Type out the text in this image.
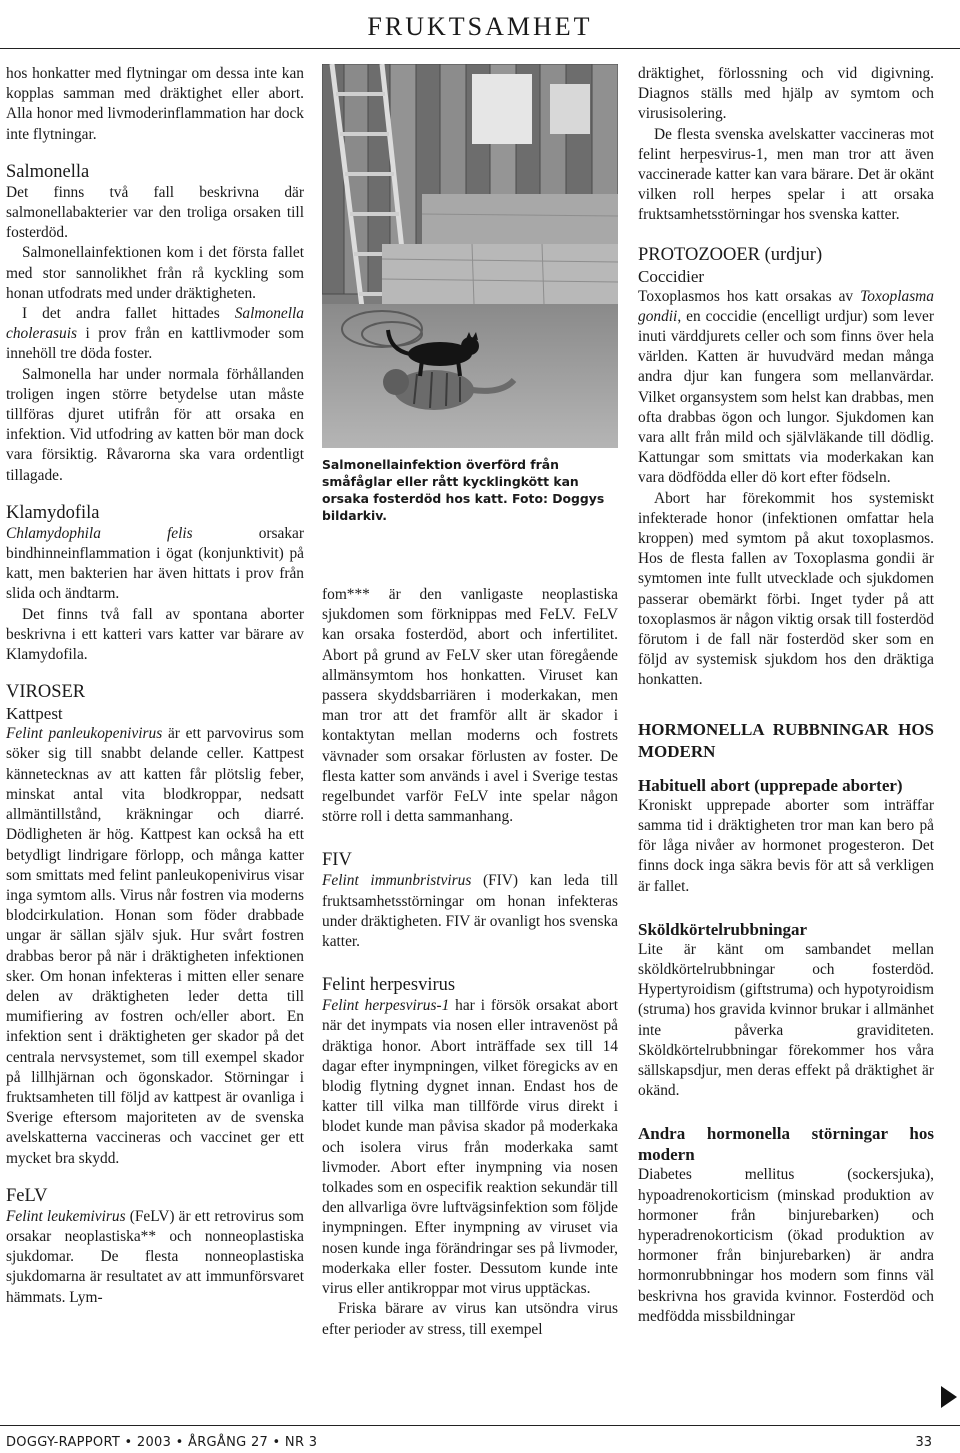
FRUKTSAMHET

hos honkatter med flytningar om dessa inte kan kopplas samman med dräktighet eller abort. Alla honor med livmoderinflammation har dock inte flytningar.

Salmonella

Det finns två fall beskrivna där salmonellabakterier var den troliga orsaken till fosterdöd.

Salmonellainfektionen kom i det första fallet med stor sannolikhet från rå kyckling som honan utfodrats med under dräktigheten.

I det andra fallet hittades Salmonella cholerasuis i prov från en kattlivmoder som innehöll tre döda foster.

Salmonella har under normala förhållanden troligen ingen större betydelse utan måste tillföras djuret utifrån för att orsaka en infektion. Vid utfodring av katten bör man dock vara försiktig. Råvarorna ska vara ordentligt tillagade.

Klamydofila

Chlamydophila felis orsakar bindhinneinflammation i ögat (konjunktivit) på katt, men bakterien har även hittats i prov från slida och ändtarm.

Det finns två fall av spontana aborter beskrivna i ett katteri vars katter var bärare av Klamydofila.

VIROSER
Kattpest

Felint panleukopenivirus är ett parvovirus som söker sig till snabbt delande celler. Kattpest kännetecknas av att katten får plötslig feber, minskat antal vita blodkroppar, nedsatt allmäntillstånd, kräkningar och diarré. Dödligheten är hög. Kattpest kan också ha ett betydligt lindrigare förlopp, och många katter som smittats med felint panleukopenivirus visar inga symtom alls. Virus når fostren via moderns blodcirkulation. Honan som föder drabbade ungar är sällan själv sjuk. Hur svårt fostren drabbas beror på när i dräktigheten infektionen sker. Om honan infekteras i mitten eller senare delen av dräktigheten leder detta till mumifiering av fostren och/eller abort. En infektion sent i dräktigheten ger skador på det centrala nervsystemet, som till exempel skador på lillhjärnan och ögonskador. Störningar i fruktsamheten till följd av kattpest är ovanliga i Sverige eftersom majoriteten av de svenska avelskatterna vaccineras och vaccinet ger ett mycket bra skydd.

FeLV

Felint leukemivirus (FeLV) är ett retrovirus som orsakar neoplastiska** och nonneoplastiska sjukdomar. De flesta nonneoplastiska sjukdomarna är resultatet av att immunförsvaret hämmats. Lym-

Salmonellainfektion överförd från småfåglar eller rått kycklingkött kan orsaka fosterdöd hos katt. Foto: Doggys bildarkiv.

fom*** är den vanligaste neoplastiska sjukdomen som förknippas med FeLV. FeLV kan orsaka fosterdöd, abort och infertilitet. Abort på grund av FeLV sker utan föregående allmänsymtom hos honkatten. Viruset kan passera skyddsbarriären i moderkakan, men man tror att det framför allt är skador i kontaktytan mellan moderns och fostrets vävnader som orsakar förlusten av foster. De flesta katter som används i avel i Sverige testas regelbundet varför FeLV inte spelar någon större roll i detta sammanhang.

FIV

Felint immunbristvirus (FIV) kan leda till fruktsamhetsstörningar om honan infekteras under dräktigheten. FIV är ovanligt hos svenska katter.

Felint herpesvirus

Felint herpesvirus-1 har i försök orsakat abort när det inympats via nosen eller intravenöst på dräktiga honor. Abort inträffade sex till 14 dagar efter inympningen, vilket föregicks av en blodig flytning dygnet innan. Endast hos de katter till vilka man tillförde virus direkt i blodet kunde man påvisa skador på moderkaka och isolera virus från moderkaka samt livmoder. Abort efter inympning via nosen tolkades som en ospecifik reaktion sekundär till den allvarliga övre luftvägsinfektion som följde inympningen. Efter inympning av viruset via nosen kunde inga förändringar ses på livmoder, moderkaka eller foster. Dessutom kunde inte virus eller antikroppar mot virus upptäckas.

Friska bärare av virus kan utsöndra virus efter perioder av stress, till exempel

dräktighet, förlossning och vid digivning. Diagnos ställs med hjälp av symtom och virusisolering.

De flesta svenska avelskatter vaccineras mot felint herpesvirus-1, men man tror att även vaccinerade katter kan vara bärare. Det är okänt vilken roll herpes spelar i att orsaka fruktsamhetsstörningar hos svenska katter.

PROTOZOOER (urdjur)
Coccidier

Toxoplasmos hos katt orsakas av Toxoplasma gondii, en coccidie (encelligt urdjur) som lever inuti värddjurets celler och som finns över hela världen. Katten är huvudvärd medan många andra djur kan fungera som mellanvärdar. Vilket organsystem som helst kan drabbas, men ofta drabbas ögon och lungor. Sjukdomen kan vara allt från mild och självläkande till dödlig. Kattungar som smittats via moderkakan kan vara dödfödda eller dö kort efter födseln.

Abort har förekommit hos systemiskt infekterade honor (infektionen omfattar hela kroppen) med symtom på akut toxoplasmos. Hos de flesta fallen av Toxoplasma gondii är symtomen inte fullt utvecklade och sjukdomen passerar obemärkt förbi. Inget tyder på att toxoplasmos är någon viktig orsak till fosterdöd förutom i de fall när fosterdöd sker som en följd av systemisk sjukdom hos den dräktiga honkatten.

HORMONELLA RUBBNINGAR HOS MODERN
Habituell abort (upprepade aborter)

Kroniskt upprepade aborter som inträffar samma tid i dräktigheten tror man kan bero på för låga nivåer av hormonet progesteron. Det finns dock inga säkra bevis för att så verkligen är fallet.

Sköldkörtelrubbningar

Lite är känt om sambandet mellan sköldkörtelrubbningar och fosterdöd. Hypertyroidism (giftstruma) och hypotyroidism (struma) hos gravida kvinnor brukar i allmänhet inte påverka graviditeten. Sköldkörtelrubbningar förekommer hos våra sällskapsdjur, men deras effekt på dräktighet är okänd.

Andra hormonella störningar hos modern

Diabetes mellitus (sockersjuka), hypoadrenokorticism (minskad produktion av hormoner från binjurebarken) och hyperadrenokorticism (ökad produktion av hormoner från binjurebarken) är andra hormonrubbningar hos modern som finns väl beskrivna hos gravida kvinnor. Fosterdöd och medfödda missbildningar

DOGGY-RAPPORT • 2003 • ÅRGÅNG 27 • NR 3	33
